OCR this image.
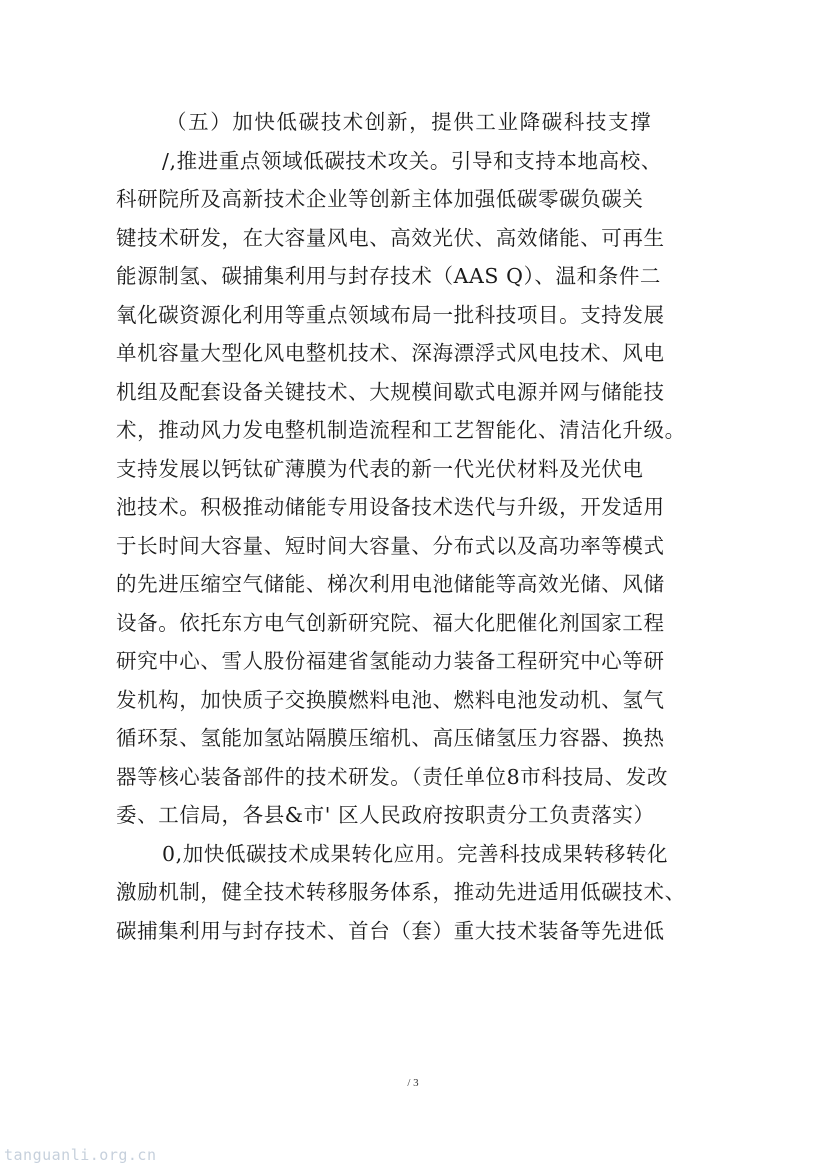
（五）加快低碳技术创新，提供工业降碳科技支撑
/,推进重点领域低碳技术攻关。引导和支持本地高校、
科研院所及高新技术企业等创新主体加强低碳零碳负碳关
键技术研发，在大容量风电、高效光伏、高效储能、可再生
能源制氢、碳捕集利用与封存技术（AAS Q）、温和条件二
氧化碳资源化利用等重点领域布局一批科技项目。支持发展
单机容量大型化风电整机技术、深海漂浮式风电技术、风电
机组及配套设备关键技术、大规模间歇式电源并网与储能技
术，推动风力发电整机制造流程和工艺智能化、清洁化升级。
支持发展以钙钛矿薄膜为代表的新一代光伏材料及光伏电
池技术。积极推动储能专用设备技术迭代与升级，开发适用
于长时间大容量、短时间大容量、分布式以及高功率等模式
的先进压缩空气储能、梯次利用电池储能等高效光储、风储
设备。依托东方电气创新研究院、福大化肥催化剂国家工程
研究中心、雪人股份福建省氢能动力装备工程研究中心等研
发机构，加快质子交换膜燃料电池、燃料电池发动机、氢气
循环泵、氢能加氢站隔膜压缩机、高压储氢压力容器、换热
器等核心装备部件的技术研发。（责任单位8市科技局、发改
委、工信局，各县&市' 区人民政府按职责分工负责落实）
0,加快低碳技术成果转化应用。完善科技成果转移转化
激励机制，健全技术转移服务体系，推动先进适用低碳技术、
碳捕集利用与封存技术、首台（套）重大技术装备等先进低
/ 3
tanguanli.org.cn
